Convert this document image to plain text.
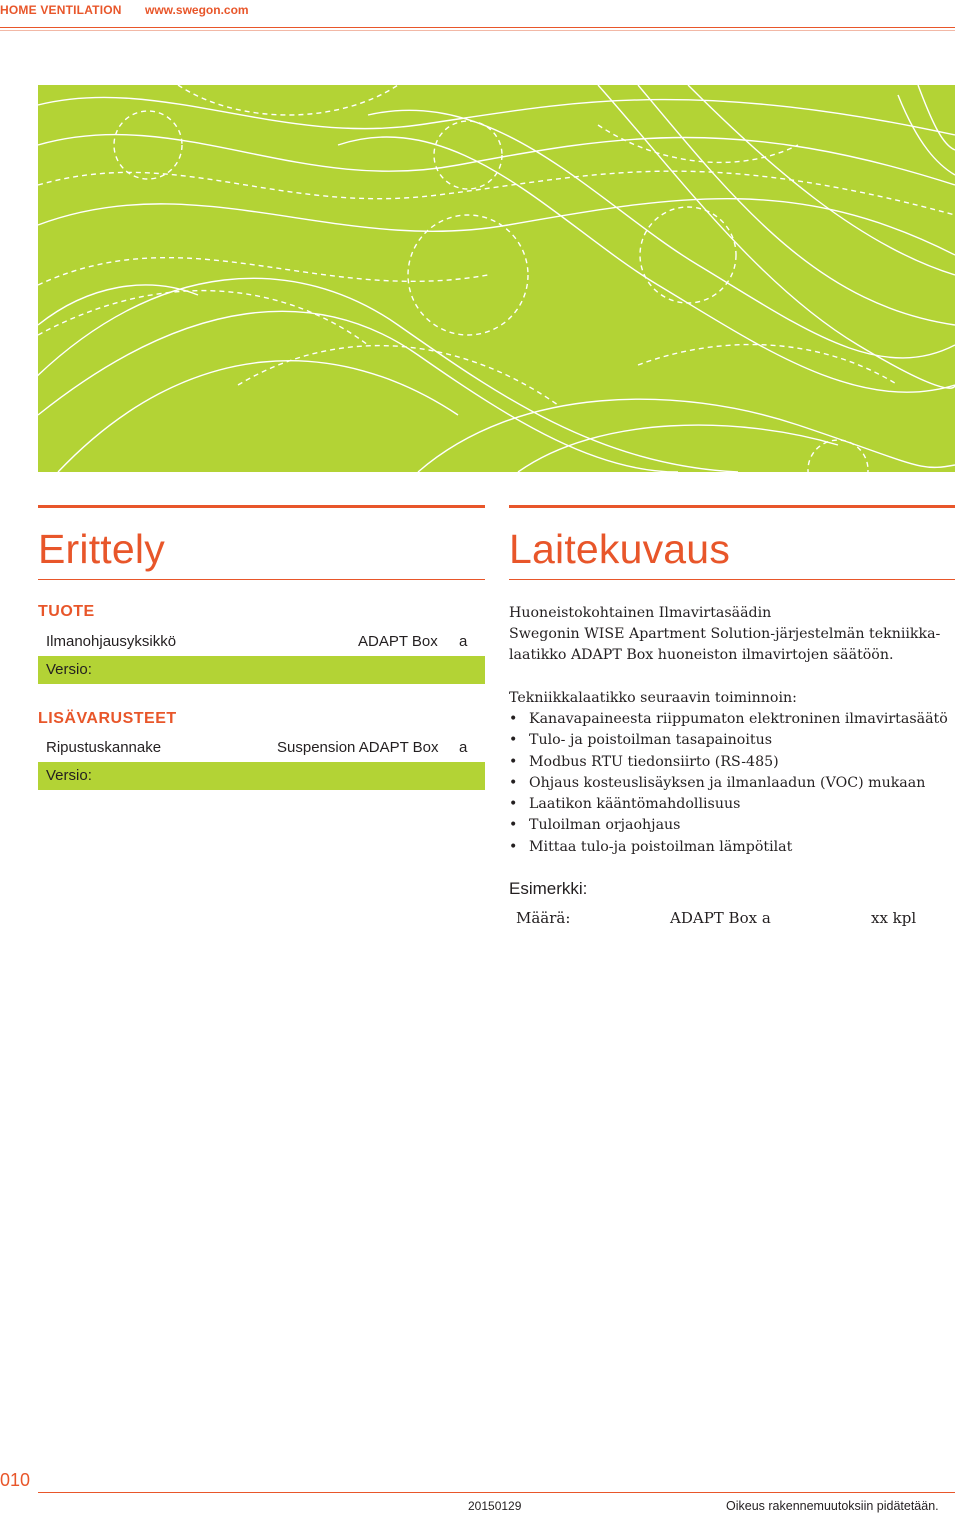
HOME VENTILATION www.swegon.com
Erittely	Laitekuvaus
TUOTE
Ilmanohjausyksikkö	ADAPT Box a
Versio:
LISÄVARUSTEET
Ripustuskannake	Suspension ADAPT Box a
Versio:
Huoneistokohtainen Ilmavirtasäädin
Swegonin WISE Apartment Solution-järjestelmän tekniikka-
laatikko ADAPT Box huoneiston ilmavirtojen säätöön.
Tekniikkalaatikko seuraavin toiminnoin:
• Kanavapaineesta riippumaton elektroninen ilmavirtasäätö
• Tulo- ja poistoilman tasapainoitus
• Modbus RTU tiedonsiirto (RS-485)
• Ohjaus kosteuslisäyksen ja ilmanlaadun (VOC) mukaan
• Laatikon kääntömahdollisuus
• Tuloilman orjaohjaus
• Mittaa tulo-ja poistoilman lämpötilat
Esimerkki:
Määrä:	ADAPT Box a	xx kpl
010
20150129	Oikeus rakennemuutoksiin pidätetään.
